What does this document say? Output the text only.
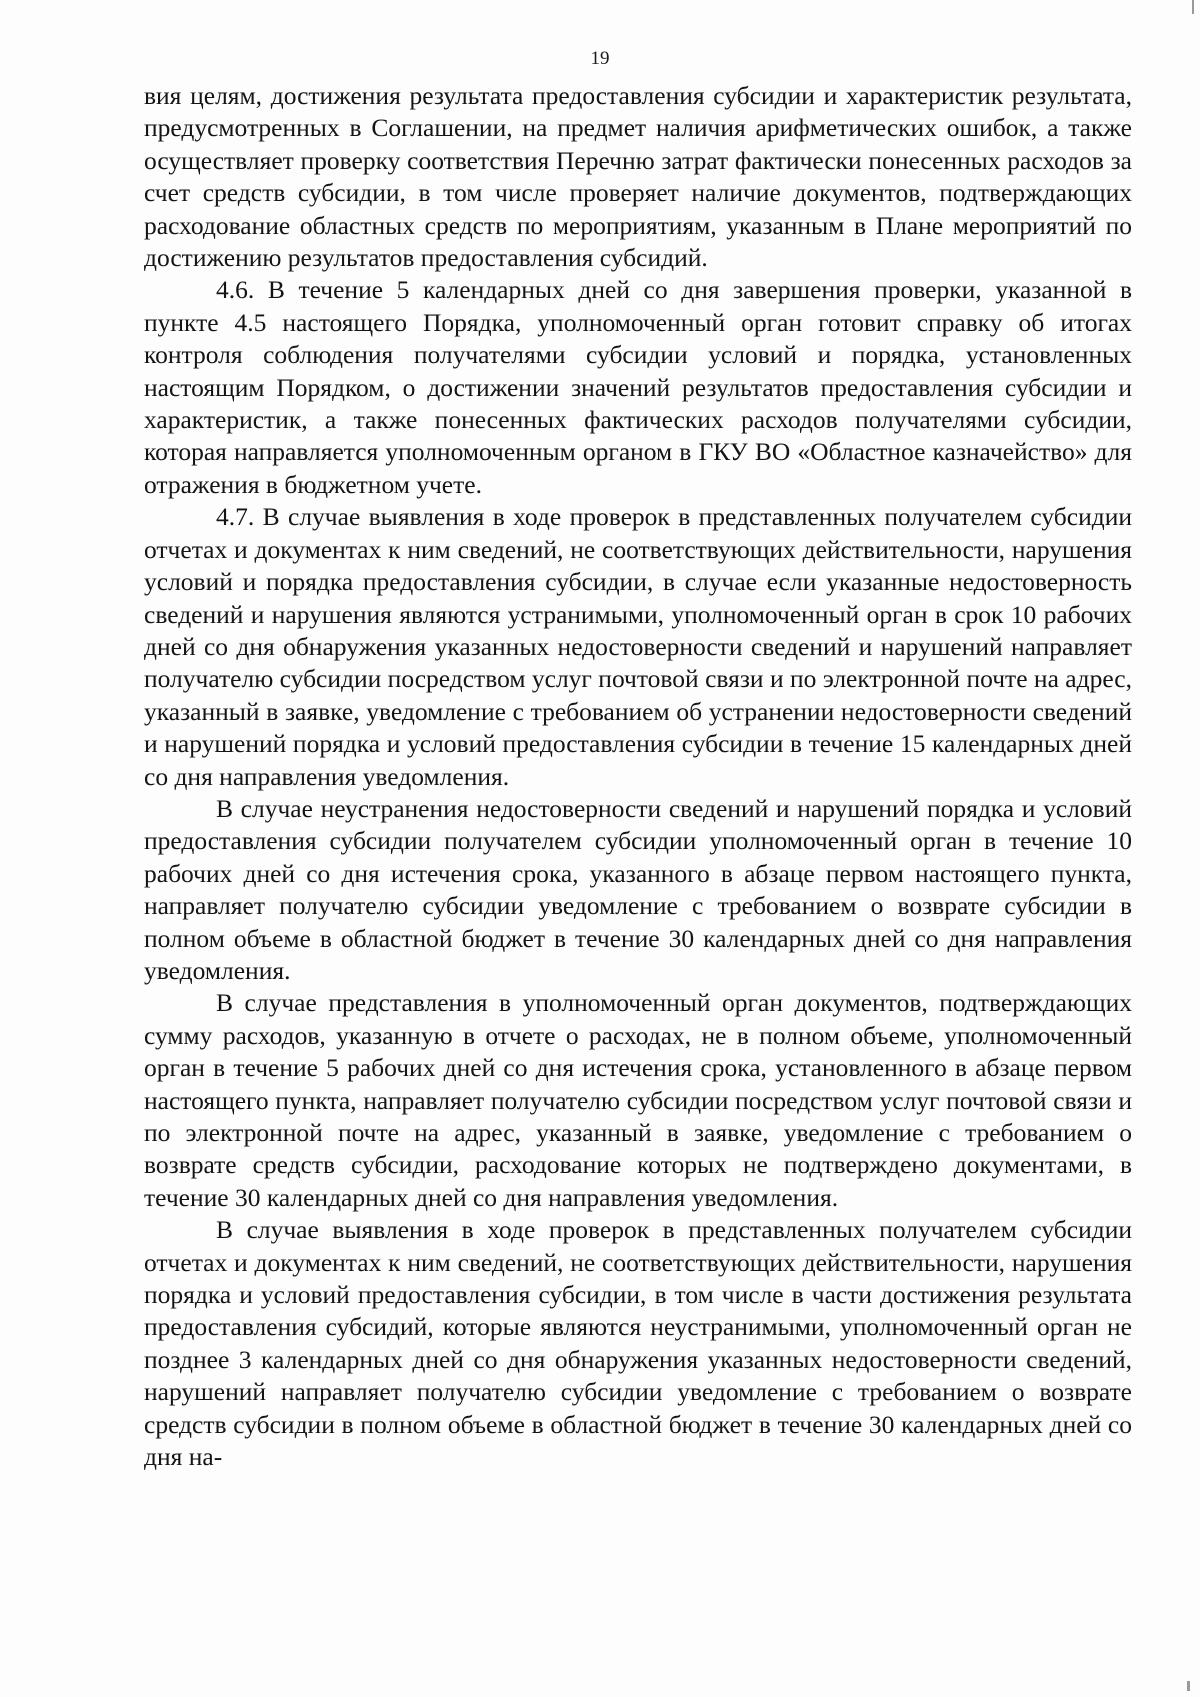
19

вия целям, достижения результата предоставления субсидии и характеристик результата, предусмотренных в Соглашении, на предмет наличия арифметических ошибок, а также осуществляет проверку соответствия Перечню затрат фактически понесенных расходов за счет средств субсидии, в том числе проверяет наличие документов, подтверждающих расходование областных средств по мероприятиям, указанным в Плане мероприятий по достижению результатов предоставления субсидий.

4.6. В течение 5 календарных дней со дня завершения проверки, указанной в пункте 4.5 настоящего Порядка, уполномоченный орган готовит справку об итогах контроля соблюдения получателями субсидии условий и порядка, установленных настоящим Порядком, о достижении значений результатов предоставления субсидии и характеристик, а также понесенных фактических расходов получателями субсидии, которая направляется уполномоченным органом в ГКУ ВО «Областное казначейство» для отражения в бюджетном учете.

4.7. В случае выявления в ходе проверок в представленных получателем субсидии отчетах и документах к ним сведений, не соответствующих действительности, нарушения условий и порядка предоставления субсидии, в случае если указанные недостоверность сведений и нарушения являются устранимыми, уполномоченный орган в срок 10 рабочих дней со дня обнаружения указанных недостоверности сведений и нарушений направляет получателю субсидии посредством услуг почтовой связи и по электронной почте на адрес, указанный в заявке, уведомление с требованием об устранении недостоверности сведений и нарушений порядка и условий предоставления субсидии в течение 15 календарных дней со дня направления уведомления.

В случае неустранения недостоверности сведений и нарушений порядка и условий предоставления субсидии получателем субсидии уполномоченный орган в течение 10 рабочих дней со дня истечения срока, указанного в абзаце первом настоящего пункта, направляет получателю субсидии уведомление с требованием о возврате субсидии в полном объеме в областной бюджет в течение 30 календарных дней со дня направления уведомления.

В случае представления в уполномоченный орган документов, подтверждающих сумму расходов, указанную в отчете о расходах, не в полном объеме, уполномоченный орган в течение 5 рабочих дней со дня истечения срока, установленного в абзаце первом настоящего пункта, направляет получателю субсидии посредством услуг почтовой связи и по электронной почте на адрес, указанный в заявке, уведомление с требованием о возврате средств субсидии, расходование которых не подтверждено документами, в течение 30 календарных дней со дня направления уведомления.

В случае выявления в ходе проверок в представленных получателем субсидии отчетах и документах к ним сведений, не соответствующих действительности, нарушения порядка и условий предоставления субсидии, в том числе в части достижения результата предоставления субсидий, которые являются неустранимыми, уполномоченный орган не позднее 3 календарных дней со дня обнаружения указанных недостоверности сведений, нарушений направляет получателю субсидии уведомление с требованием о возврате средств субсидии в полном объеме в областной бюджет в течение 30 календарных дней со дня на-
